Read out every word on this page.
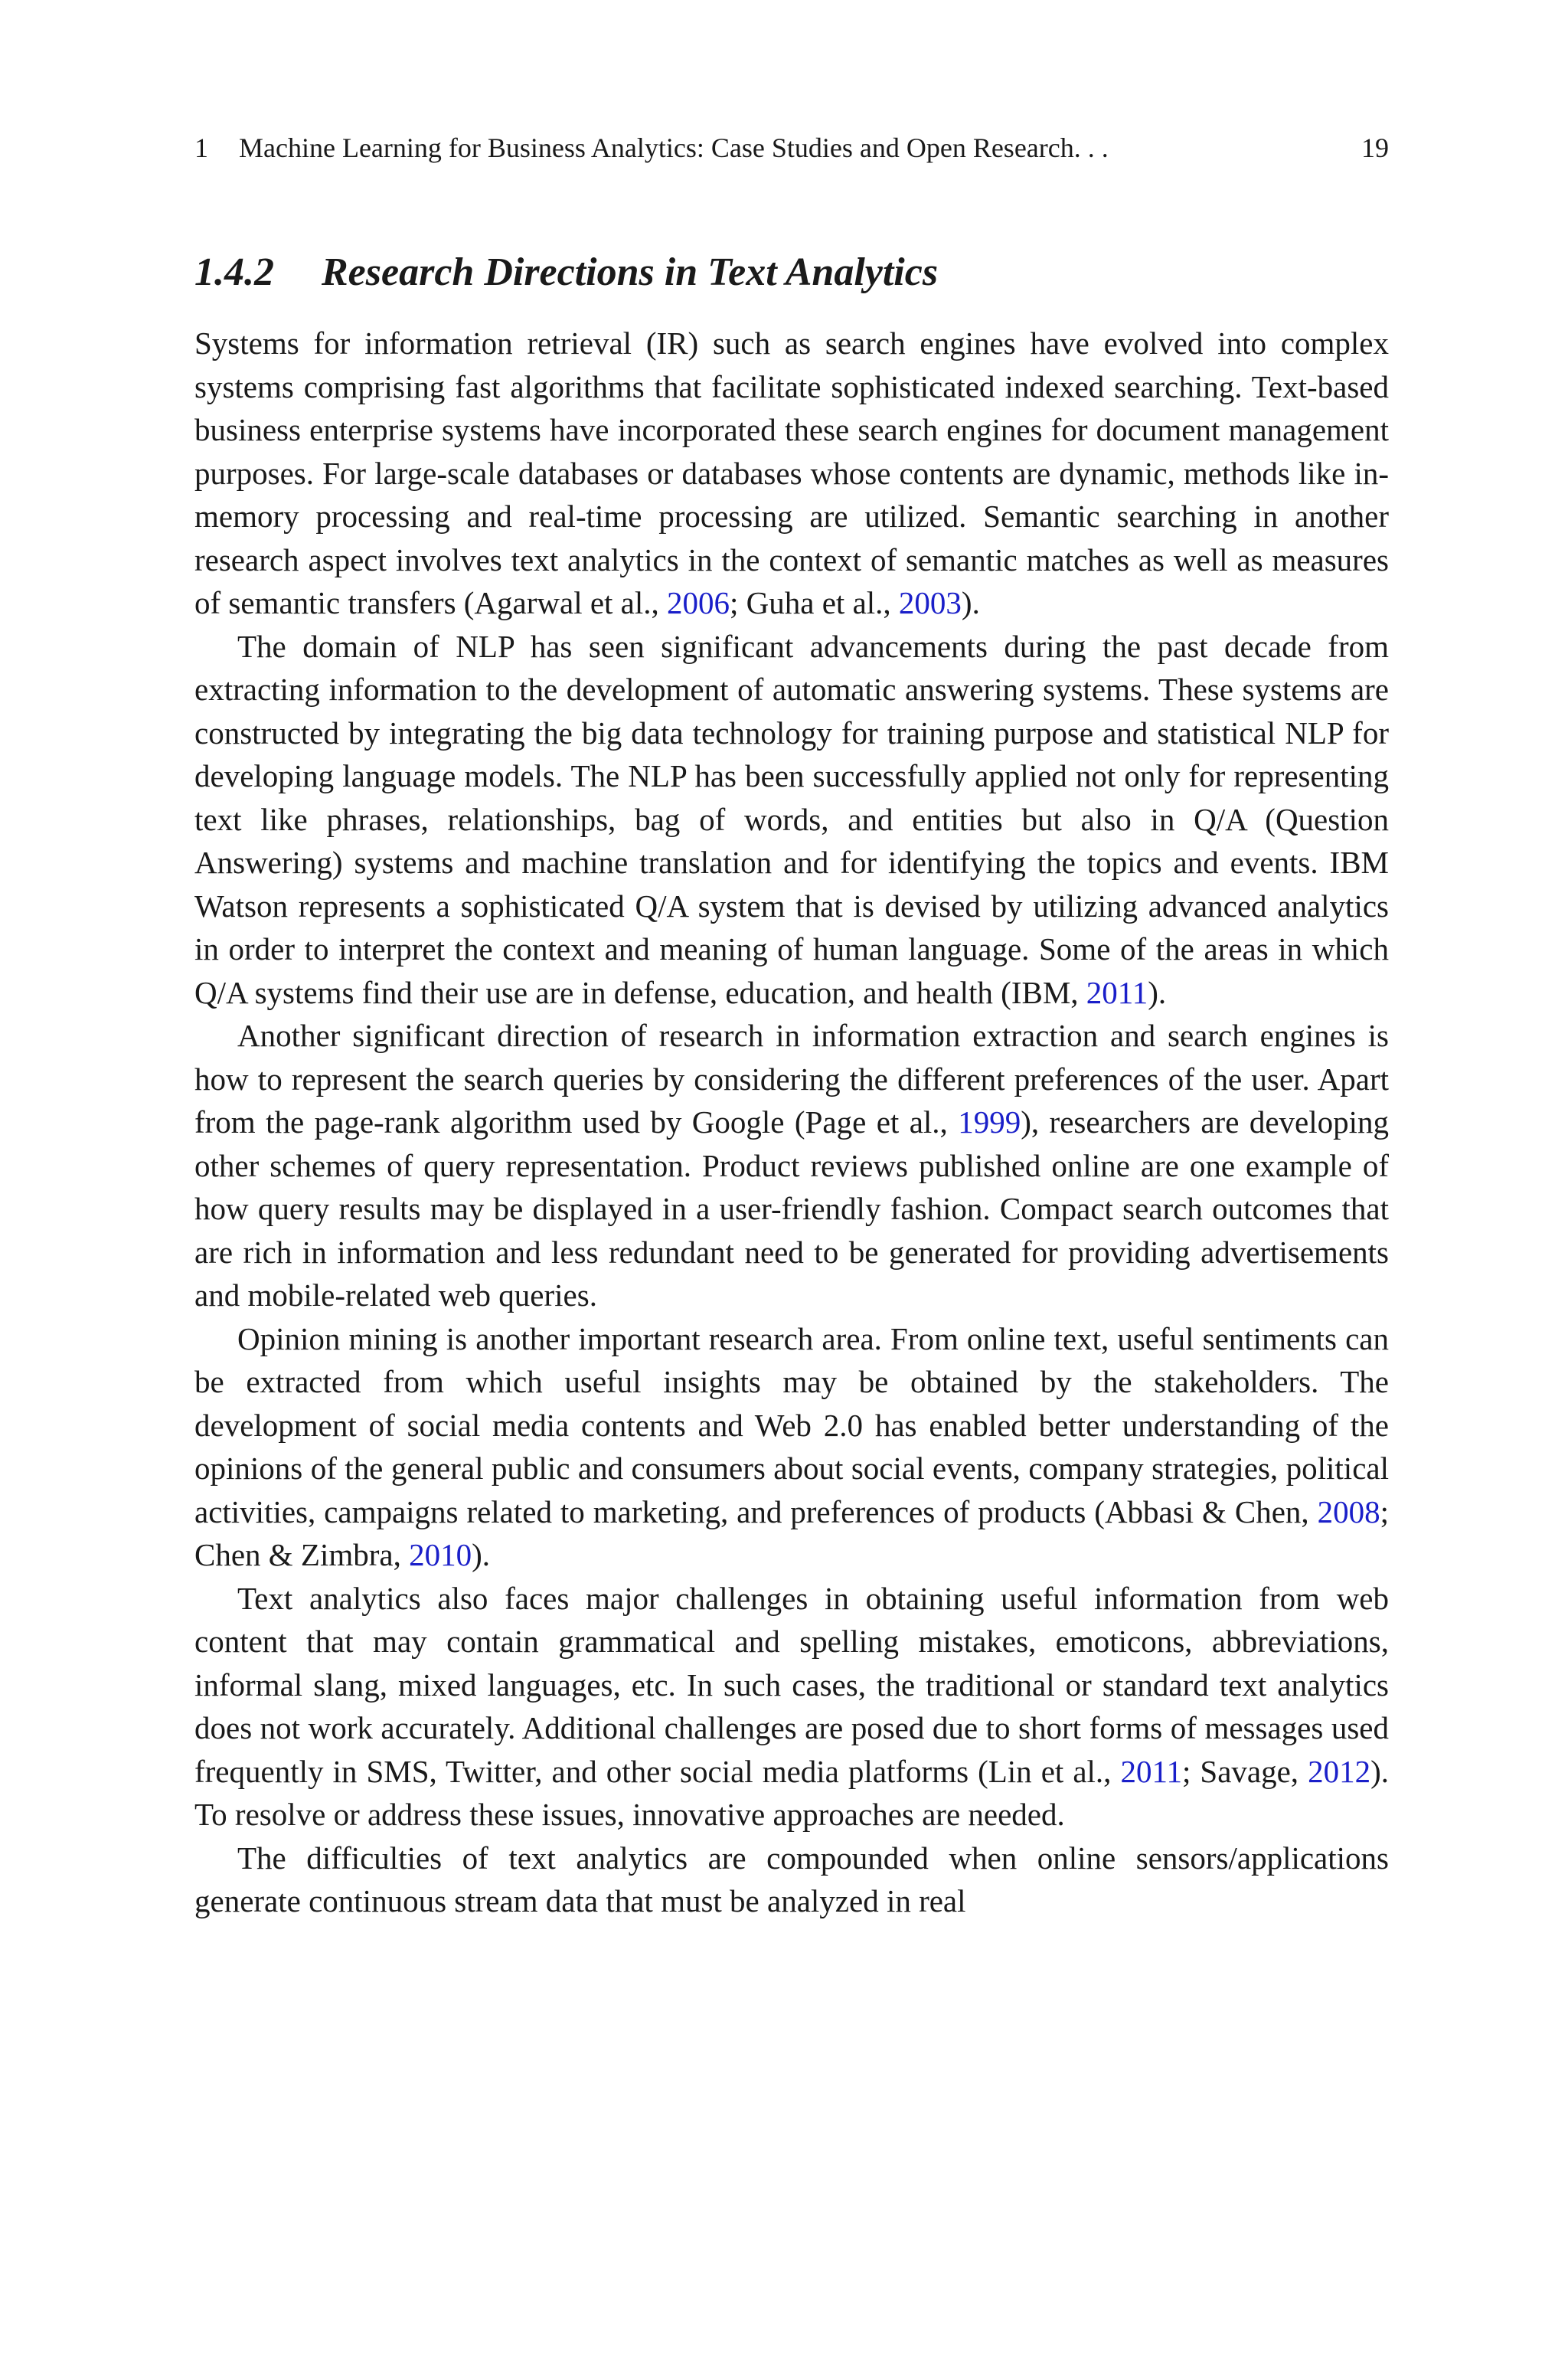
1 Machine Learning for Business Analytics: Case Studies and Open Research. . .	19
1.4.2 Research Directions in Text Analytics

Systems for information retrieval (IR) such as search engines have evolved into complex systems comprising fast algorithms that facilitate sophisticated indexed searching. Text-based business enterprise systems have incorporated these search engines for document management purposes. For large-scale databases or databases whose contents are dynamic, methods like in-memory processing and real-time processing are utilized. Semantic searching in another research aspect involves text analytics in the context of semantic matches as well as measures of semantic transfers (Agarwal et al., 2006; Guha et al., 2003).

The domain of NLP has seen significant advancements during the past decade from extracting information to the development of automatic answering systems. These systems are constructed by integrating the big data technology for training purpose and statistical NLP for developing language models. The NLP has been successfully applied not only for representing text like phrases, relationships, bag of words, and entities but also in Q/A (Question Answering) systems and machine translation and for identifying the topics and events. IBM Watson represents a sophisticated Q/A system that is devised by utilizing advanced analytics in order to interpret the context and meaning of human language. Some of the areas in which Q/A systems find their use are in defense, education, and health (IBM, 2011).

Another significant direction of research in information extraction and search engines is how to represent the search queries by considering the different preferences of the user. Apart from the page-rank algorithm used by Google (Page et al., 1999), researchers are developing other schemes of query representation. Product reviews published online are one example of how query results may be displayed in a user-friendly fashion. Compact search outcomes that are rich in information and less redundant need to be generated for providing advertisements and mobile-related web queries.

Opinion mining is another important research area. From online text, useful sentiments can be extracted from which useful insights may be obtained by the stakeholders. The development of social media contents and Web 2.0 has enabled better understanding of the opinions of the general public and consumers about social events, company strategies, political activities, campaigns related to marketing, and preferences of products (Abbasi & Chen, 2008; Chen & Zimbra, 2010).

Text analytics also faces major challenges in obtaining useful information from web content that may contain grammatical and spelling mistakes, emoticons, abbreviations, informal slang, mixed languages, etc. In such cases, the traditional or standard text analytics does not work accurately. Additional challenges are posed due to short forms of messages used frequently in SMS, Twitter, and other social media platforms (Lin et al., 2011; Savage, 2012). To resolve or address these issues, innovative approaches are needed.

The difficulties of text analytics are compounded when online sensors/applications generate continuous stream data that must be analyzed in real
